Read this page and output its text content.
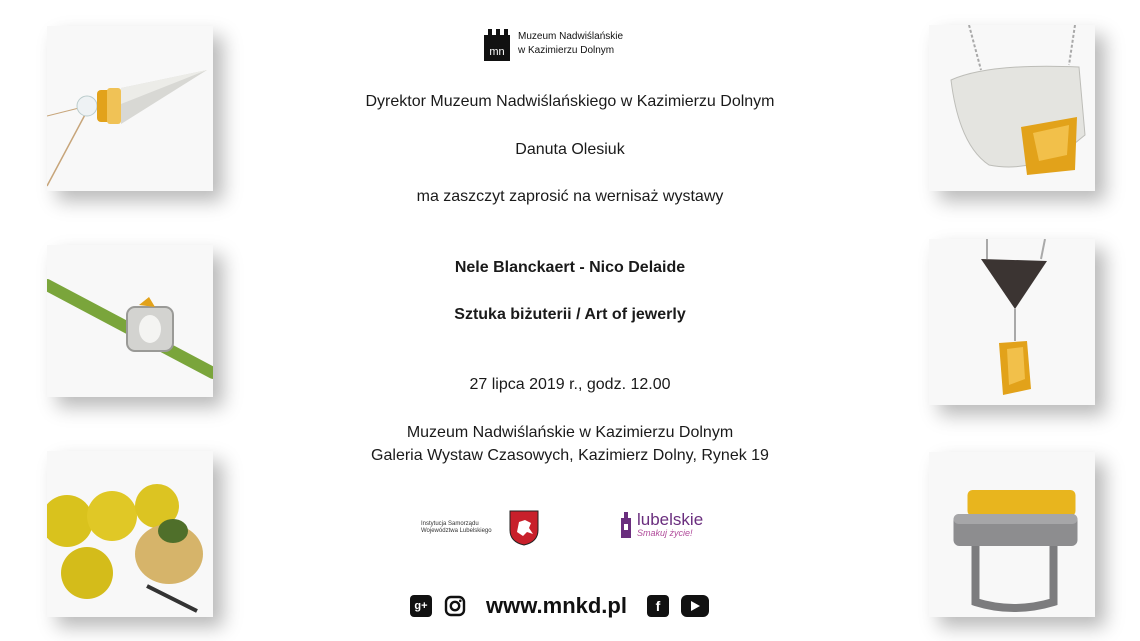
mn
Muzeum Nadwiślańskie
w Kazimierzu Dolnym
Dyrektor Muzeum Nadwiślańskiego w Kazimierzu Dolnym
Danuta Olesiuk
ma zaszczyt zaprosić na wernisaż wystawy
Nele Blanckaert - Nico Delaide
Sztuka biżuterii / Art of jewerly
27 lipca 2019 r., godz. 12.00
Muzeum Nadwiślańskie w Kazimierzu Dolnym
Galeria Wystaw Czasowych, Kazimierz Dolny, Rynek 19
Instytucja Samorządu Województwa Lubelskiego
lubelskie
Smakuj życie!
g+	www.mnkd.pl	f
